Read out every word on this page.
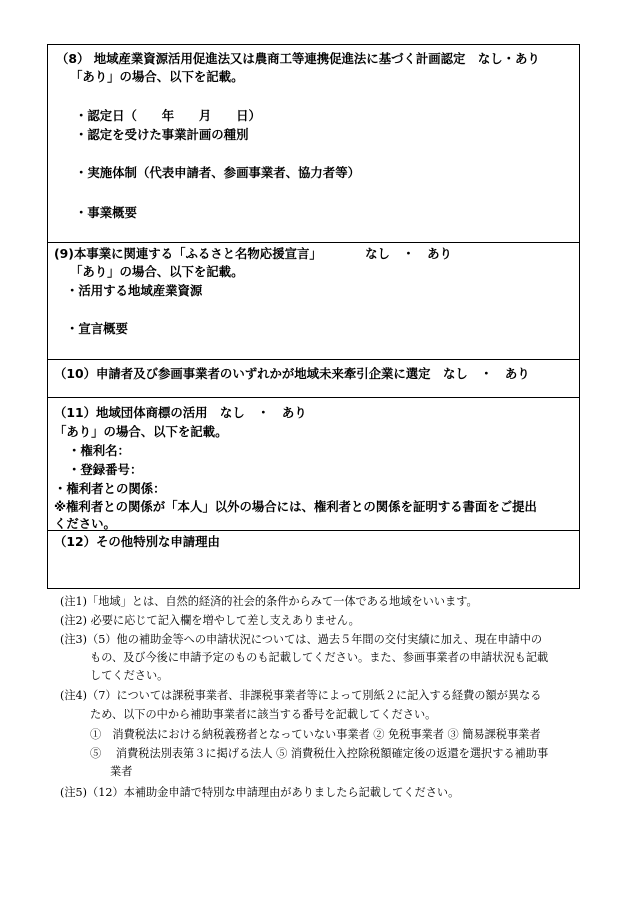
（8） 地域産業資源活用促進法又は農商工等連携促進法に基づく計画認定　なし・あり
「あり」の場合、以下を記載。
・認定日（　　年　　月　　日）
・認定を受けた事業計画の種別
・実施体制（代表申請者、参画事業者、協力者等）
・事業概要
(9)本事業に関連する「ふるさと名物応援宣言」　　　　なし　・　あり
「あり」の場合、以下を記載。
・活用する地域産業資源
・宣言概要
（10）申請者及び参画事業者のいずれかが地域未来牽引企業に選定　なし　・　あり
（11）地域団体商標の活用　なし　・　あり
「あり」の場合、以下を記載。
・権利名：
・登録番号：
・権利者との関係：
※権利者との関係が「本人」以外の場合には、権利者との関係を証明する書面をご提出
ください。
（12）その他特別な申請理由
(注1)「地域」とは、自然的経済的社会的条件からみて一体である地域をいいます。
(注2) 必要に応じて記入欄を増やして差し支えありません。
(注3)（5）他の補助金等への申請状況については、過去５年間の交付実績に加え、現在申請中の
もの、及び今後に申請予定のものも記載してください。また、参画事業者の申請状況も記載
してください。
(注4)（7）については課税事業者、非課税事業者等によって別紙２に記入する経費の額が異なる
ため、以下の中から補助事業者に該当する番号を記載してください。
①　消費税法における納税義務者となっていない事業者 ② 免税事業者 ③ 簡易課税事業者
⑤　 消費税法別表第３に掲げる法人 ⑤ 消費税仕入控除税額確定後の返還を選択する補助事
業者
(注5)（12）本補助金申請で特別な申請理由がありましたら記載してください。
